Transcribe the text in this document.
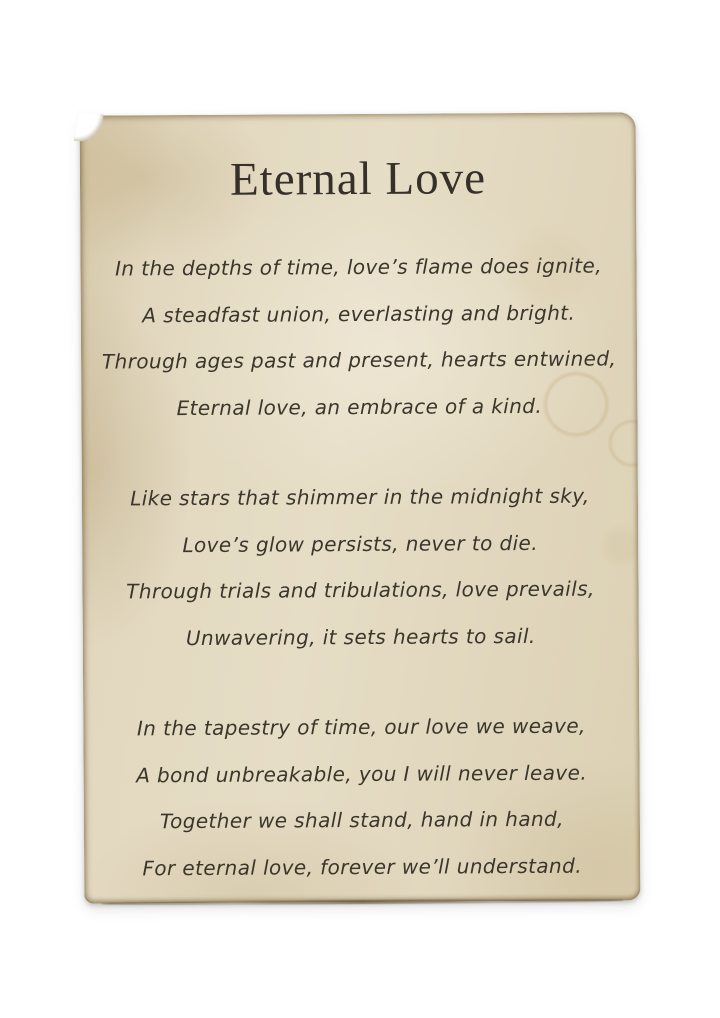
Eternal Love
In the depths of time, love’s flame does ignite,
A steadfast union, everlasting and bright.
Through ages past and present, hearts entwined,
Eternal love, an embrace of a kind.
Like stars that shimmer in the midnight sky,
Love’s glow persists, never to die.
Through trials and tribulations, love prevails,
Unwavering, it sets hearts to sail.
In the tapestry of time, our love we weave,
A bond unbreakable, you I will never leave.
Together we shall stand, hand in hand,
For eternal love, forever we’ll understand.
